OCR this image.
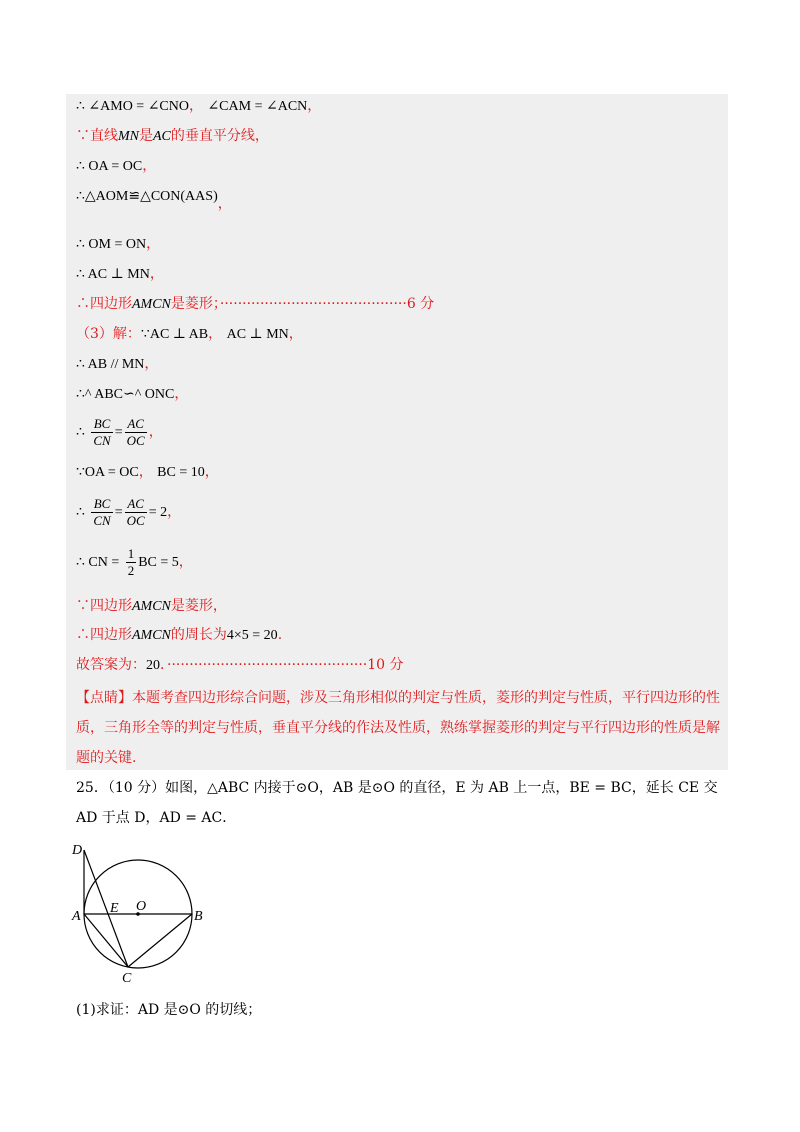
∴ ∠AMO = ∠CNO， ∠CAM = ∠ACN，
∵直线MN是AC的垂直平分线，
∴ OA = OC，
∴△AOM≌△CON(AAS)，
∴ OM = ON，
∴ AC ⊥ MN，
∴四边形AMCN是菱形；··········································6 分
（3）解：∵AC ⊥ AB， AC ⊥ MN，
∴ AB // MN，
∴^ ABC∽^ ONC，
∴ $\frac{BC}{CN} = \frac{AC}{OC}$ ，
∵OA = OC， BC = 10，
∴ $\frac{BC}{CN} = \frac{AC}{OC} = 2$，
∴ CN = $\frac{1}{2}$ BC = 5，
∵四边形AMCN是菱形，
∴四边形AMCN的周长为4×5 = 20.
故答案为：20．·············································10 分
【点睛】本题考查四边形综合问题，涉及三角形相似的判定与性质，菱形的判定与性质，平行四边形的性质，三角形全等的判定与性质，垂直平分线的作法及性质，熟练掌握菱形的判定与平行四边形的性质是解题的关键.
25．（10 分）如图，△ABC 内接于⊙O，AB 是⊙O 的直径，E 为 AB 上一点，BE = BC，延长 CE 交 AD 于点 D，AD = AC．
D
A
E O
B
C
(1)求证：AD 是⊙O 的切线；
